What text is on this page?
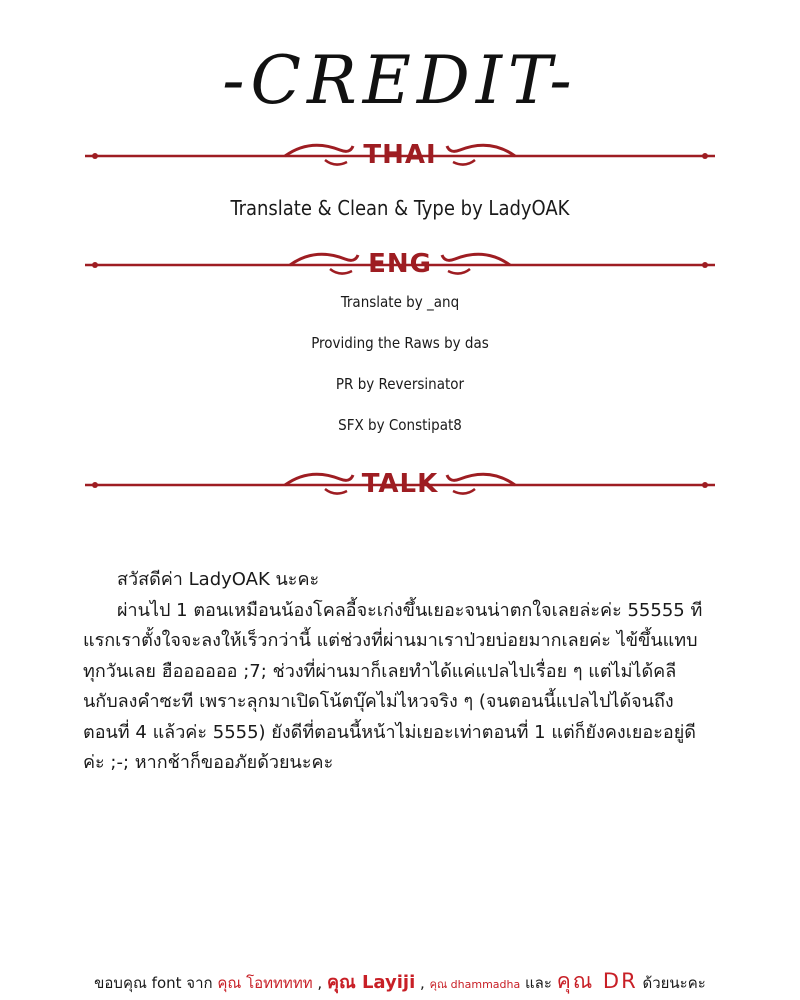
-CREDIT-
THAI
Translate & Clean & Type by LadyOAK
ENG
Translate by _anq
Providing the Raws by das
PR by Reversinator
SFX by Constipat8
TALK

สวัสดีค่า LadyOAK นะคะ

ผ่านไป 1 ตอนเหมือนน้องโคลอี้จะเก่งขึ้นเยอะจนน่าตกใจเลยล่ะค่ะ 55555 ทีแรกเราตั้งใจจะลงให้เร็วกว่านี้ แต่ช่วงที่ผ่านมาเราป่วยบ่อยมากเลยค่ะ ไข้ขึ้นแทบทุกวันเลย ฮืออออออ ;7; ช่วงที่ผ่านมาก็เลยทำได้แค่แปลไปเรื่อย ๆ แต่ไม่ได้คลีนกับลงคำซะที เพราะลุกมาเปิดโน้ตบุ๊คไม่ไหวจริง ๆ (จนตอนนี้แปลไปได้จนถึงตอนที่ 4 แล้วค่ะ 5555) ยังดีที่ตอนนี้หน้าไม่เยอะเท่าตอนที่ 1 แต่ก็ยังคงเยอะอยู่ดีค่ะ ;-; หากช้าก็ขออภัยด้วยนะคะ

ขอบคุณ font จาก คุณ โอททททท , คุณ Layiji , คุณ dhammadha และ คุณ DR ด้วยนะคะ
